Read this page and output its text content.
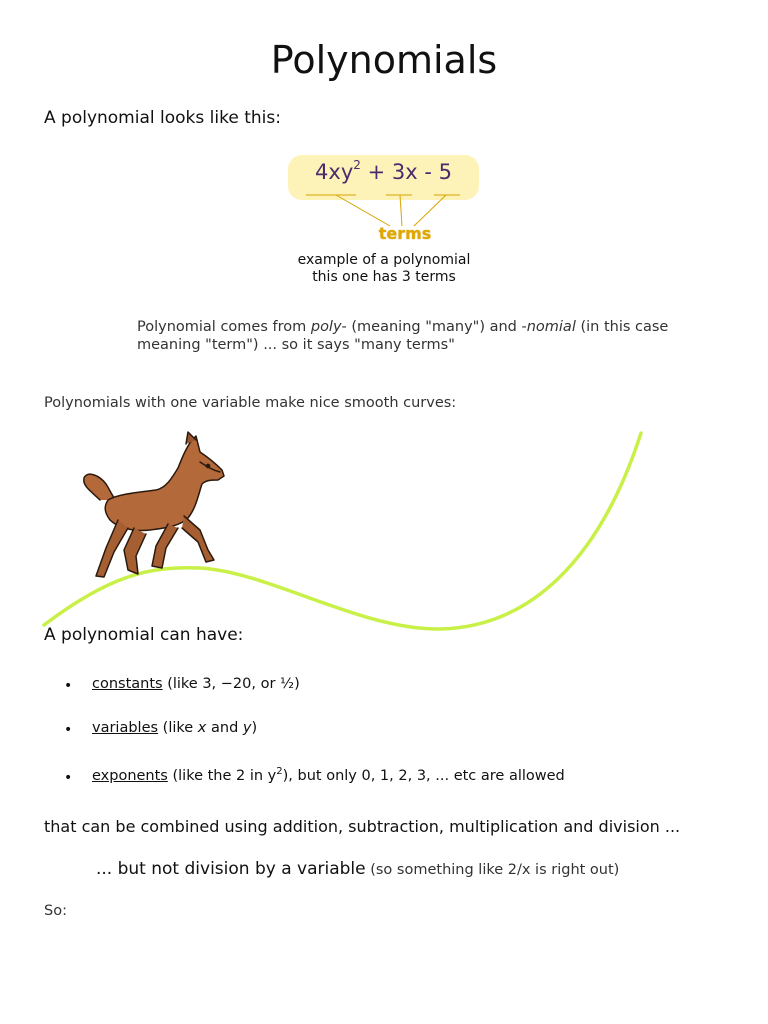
Polynomials
A polynomial looks like this:
$4xy^2 + 3x - 5$
terms
example of a polynomial
this one has 3 terms
Polynomial comes from poly- (meaning "many") and -nomial (in this case meaning "term") ... so it says "many terms"
Polynomials with one variable make nice smooth curves:
A polynomial can have:
• constants (like 3, −20, or ½)
• variables (like x and y)
• exponents (like the 2 in $y^2$), but only 0, 1, 2, 3, ... etc are allowed
that can be combined using addition, subtraction, multiplication and division ...
... but not division by a variable (so something like 2/x is right out)
So:
